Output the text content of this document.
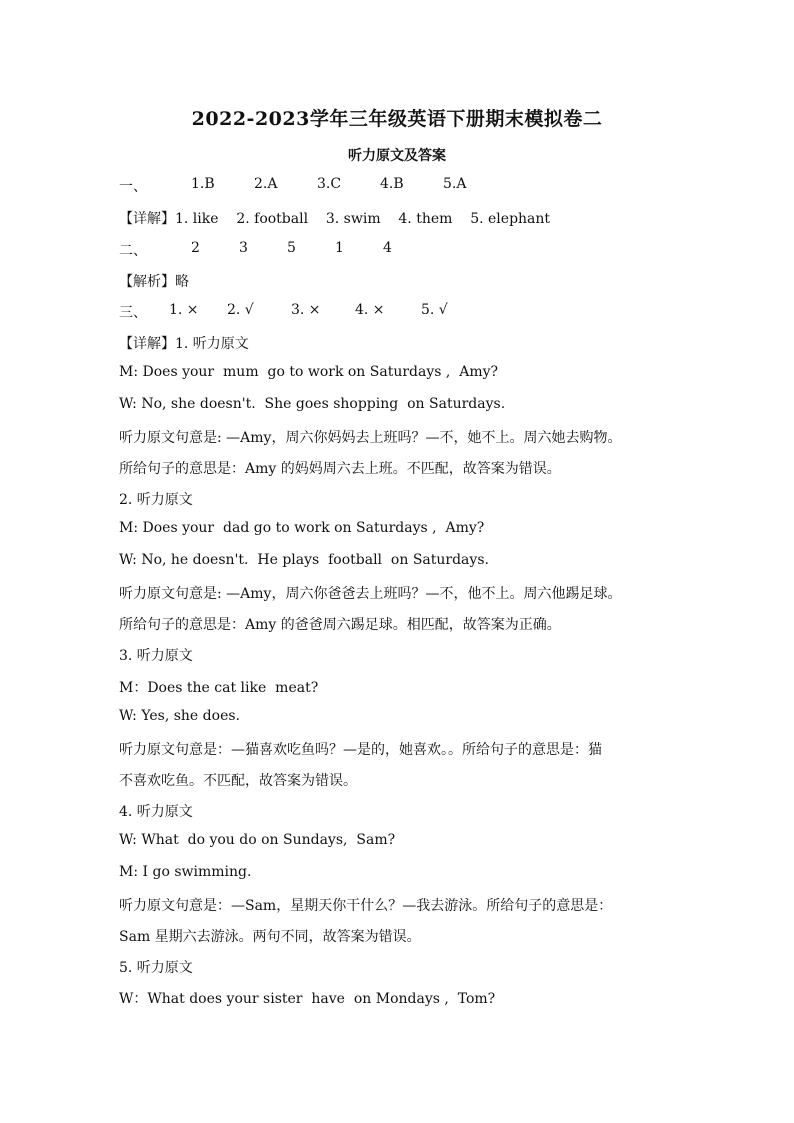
2022-2023学年三年级英语下册期末模拟卷二
听力原文及答案
一、	1.B	2.A	3.C	4.B	5.A
【详解】1. like    2. football    3. swim    4. them    5. elephant
二、	2	3	5	1	4
【解析】略
三、 1. × 2. √	3. × 4. ×	5. √
【详解】1. 听力原文
M: Does your  mum  go to work on Saturdays ,  Amy?
W: No, she doesn't.  She goes shopping  on Saturdays.
听力原文句意是: —Amy，周六你妈妈去上班吗？—不，她不上。周六她去购物。
所给句子的意思是：Amy 的妈妈周六去上班。不匹配，故答案为错误。
2. 听力原文
M: Does your  dad go to work on Saturdays ,  Amy?
W: No, he doesn't.  He plays  football  on Saturdays.
听力原文句意是: —Amy，周六你爸爸去上班吗？—不，他不上。周六他踢足球。
所给句子的意思是：Amy 的爸爸周六踢足球。相匹配，故答案为正确。
3. 听力原文
M：Does the cat like  meat?
W: Yes, she does.
听力原文句意是：—猫喜欢吃鱼吗？—是的，她喜欢。。所给句子的意思是：猫
不喜欢吃鱼。不匹配，故答案为错误。
4. 听力原文
W: What  do you do on Sundays,  Sam?
M: I go swimming.
听力原文句意是：—Sam，星期天你干什么？—我去游泳。所给句子的意思是：
Sam 星期六去游泳。两句不同，故答案为错误。
5. 听力原文
W：What does your sister  have  on Mondays ,  Tom?
